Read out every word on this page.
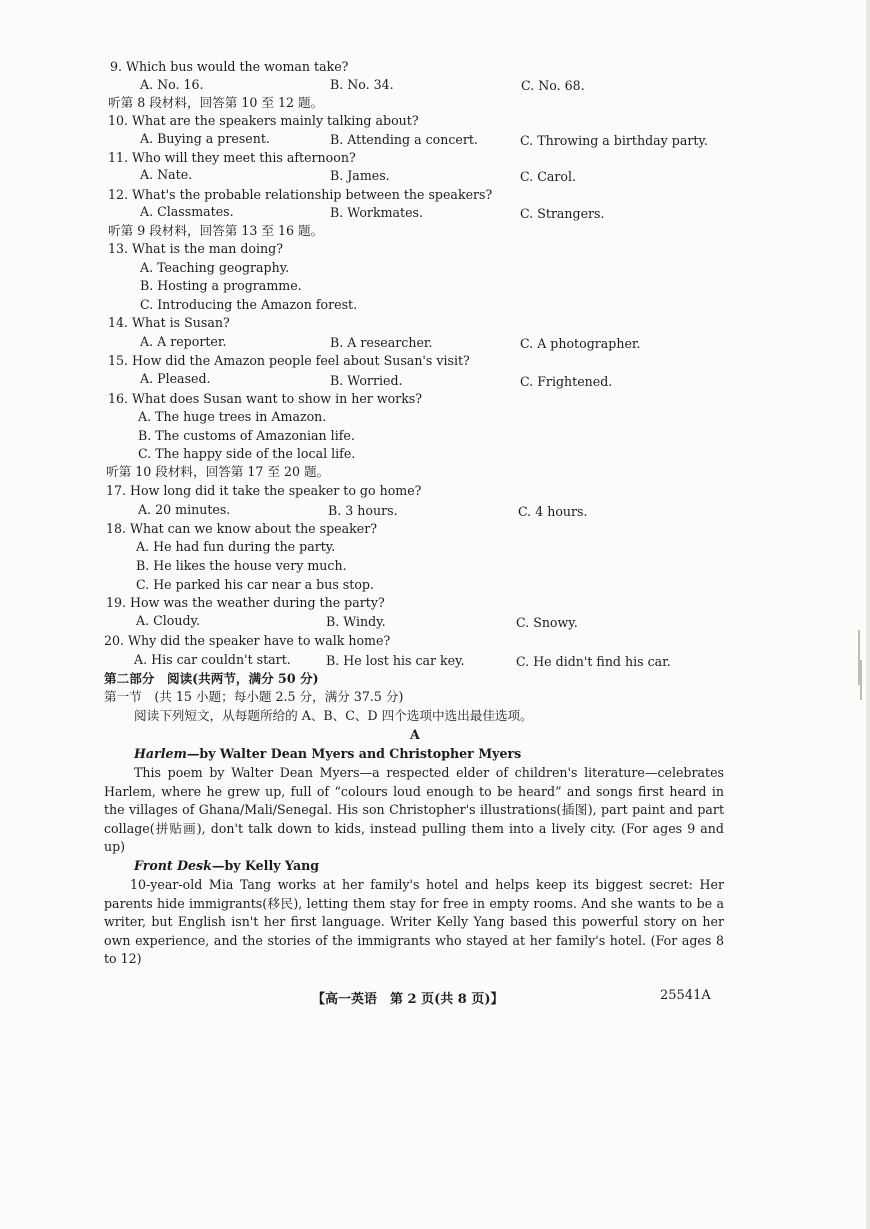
9. Which bus would the woman take?
A. No. 16.	B. No. 34.	C. No. 68.
听第 8 段材料，回答第 10 至 12 题。
10. What are the speakers mainly talking about?
A. Buying a present.	B. Attending a concert.	C. Throwing a birthday party.
11. Who will they meet this afternoon?
A. Nate.	B. James.	C. Carol.
12. What's the probable relationship between the speakers?
A. Classmates.	B. Workmates.	C. Strangers.
听第 9 段材料，回答第 13 至 16 题。
13. What is the man doing?
A. Teaching geography.
B. Hosting a programme.
C. Introducing the Amazon forest.
14. What is Susan?
A. A reporter.	B. A researcher.	C. A photographer.
15. How did the Amazon people feel about Susan's visit?
A. Pleased.	B. Worried.	C. Frightened.
16. What does Susan want to show in her works?
A. The huge trees in Amazon.
B. The customs of Amazonian life.
C. The happy side of the local life.
听第 10 段材料，回答第 17 至 20 题。
17. How long did it take the speaker to go home?
A. 20 minutes.	B. 3 hours.	C. 4 hours.
18. What can we know about the speaker?
A. He had fun during the party.
B. He likes the house very much.
C. He parked his car near a bus stop.
19. How was the weather during the party?
A. Cloudy.	B. Windy.	C. Snowy.
20. Why did the speaker have to walk home?
A. His car couldn't start.	B. He lost his car key.	C. He didn't find his car.
第二部分　阅读(共两节，满分 50 分)
第一节　(共 15 小题；每小题 2.5 分，满分 37.5 分)
阅读下列短文，从每题所给的 A、B、C、D 四个选项中选出最佳选项。
A
Harlem—by Walter Dean Myers and Christopher Myers
This poem by Walter Dean Myers—a respected elder of children's literature—celebrates Harlem, where he grew up, full of “colours loud enough to be heard” and songs first heard in the villages of Ghana/Mali/Senegal. His son Christopher's illustrations(插图), part paint and part collage(拼贴画), don't talk down to kids, instead pulling them into a lively city. (For ages 9 and up)
Front Desk—by Kelly Yang
10-year-old Mia Tang works at her family's hotel and helps keep its biggest secret: Her parents hide immigrants(移民), letting them stay for free in empty rooms. And she wants to be a writer, but English isn't her first language. Writer Kelly Yang based this powerful story on her own experience, and the stories of the immigrants who stayed at her family's hotel. (For ages 8 to 12)
【高一英语　第 2 页(共 8 页)】	25541A
